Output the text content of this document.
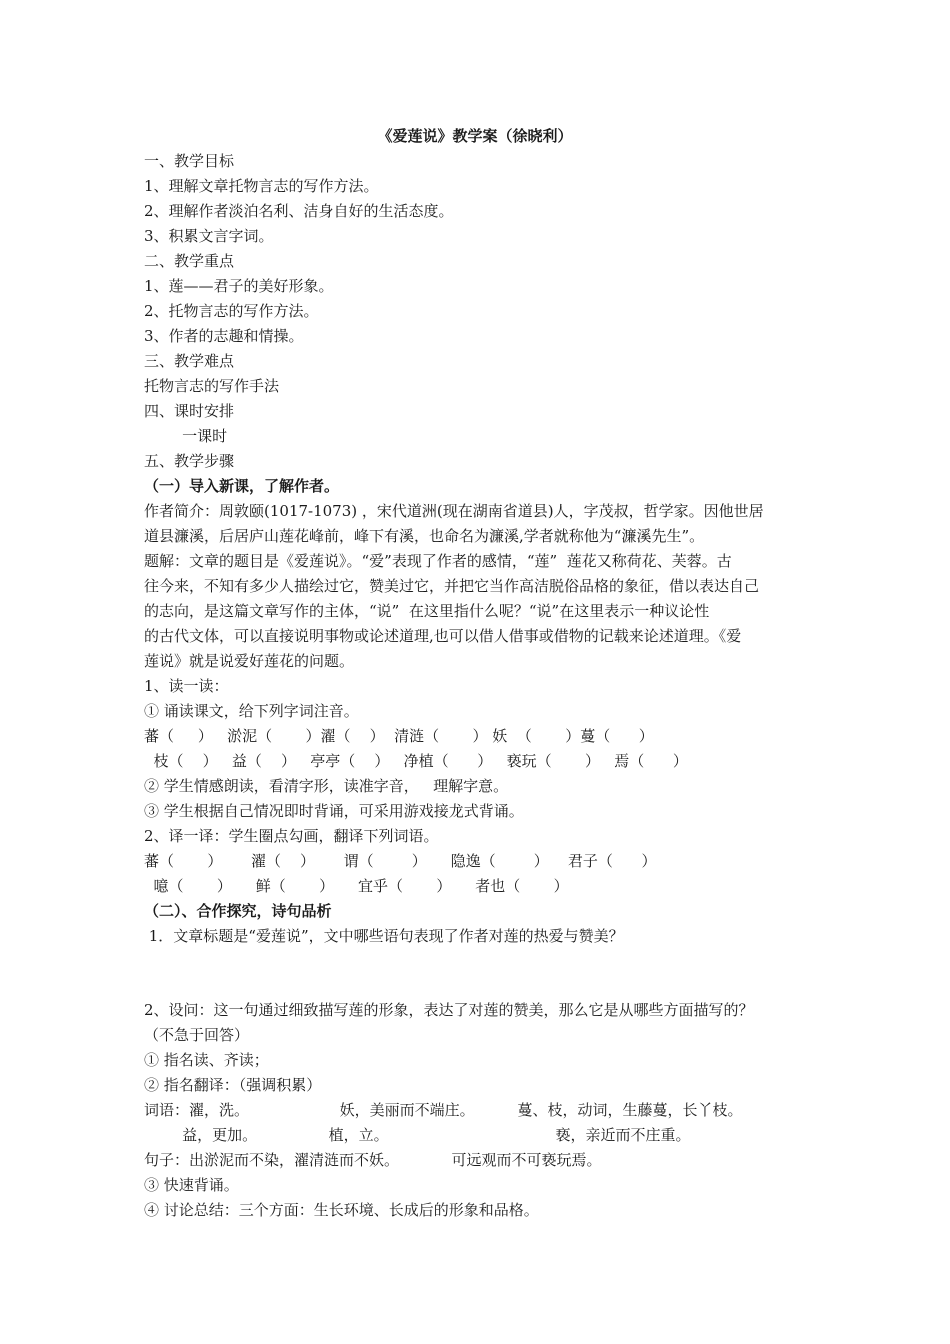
《爱莲说》教学案（徐晓利）
一、教学目标
1、理解文章托物言志的写作方法。
2、理解作者淡泊名利、洁身自好的生活态度。
3、积累文言字词。
二、教学重点
1、莲——君子的美好形象。
2、托物言志的写作方法。
3、作者的志趣和情操。
三、教学难点
托物言志的写作手法
四、课时安排
一课时
五、教学步骤
（一）导入新课，了解作者。
作者简介：周敦颐(1017-1073) ，宋代道洲(现在湖南省道县)人，字茂叔，哲学家。因他世居
道县濂溪，后居庐山莲花峰前，峰下有溪，也命名为濂溪,学者就称他为“濂溪先生”。
题解：文章的题目是《爱莲说》。“爱”表现了作者的感情，“莲”  莲花又称荷花、芙蓉。古
往今来，不知有多少人描绘过它，赞美过它，并把它当作高洁脱俗品格的象征，借以表达自己
的志向，是这篇文章写作的主体，“说”  在这里指什么呢？“说”在这里表示一种议论性
的古代文体，可以直接说明事物或论述道理,也可以借人借事或借物的记载来论述道理。《爱
莲说》就是说爱好莲花的问题。
1、读一读：
① 诵读课文，给下列字词注音。
蕃（     ）   淤泥（       ）濯（    ）  清涟（       ） 妖  （       ）蔓（      ）
枝（    ）   益（    ）   亭亭（    ）   净植（      ）   亵玩（       ）   焉（      ）
② 学生情感朗读，看清字形，读准字音，   理解字意。
③ 学生根据自己情况即时背诵，可采用游戏接龙式背诵。
2、译一译：学生圈点勾画，翻译下列词语。
蕃（       ）      濯（    ）      谓（        ）     隐逸（        ）    君子（      ）
噫（       ）     鲜（       ）     宜乎（       ）     者也（       ）
（二）、合作探究，诗句品析
1．文章标题是“爱莲说”，文中哪些语句表现了作者对莲的热爱与赞美？
2、设问：这一句通过细致描写莲的形象，表达了对莲的赞美，那么它是从哪些方面描写的？
（不急于回答）
① 指名读、齐读；
② 指名翻译：（强调积累）
词语：濯，洗。                   妖，美丽而不端庄。         蔓、枝，动词，生藤蔓，长丫枝。
益，更加。               植，立。                                   亵，亲近而不庄重。
句子：出淤泥而不染，濯清涟而不妖。           可远观而不可亵玩焉。
③ 快速背诵。
④ 讨论总结：三个方面：生长环境、长成后的形象和品格。
